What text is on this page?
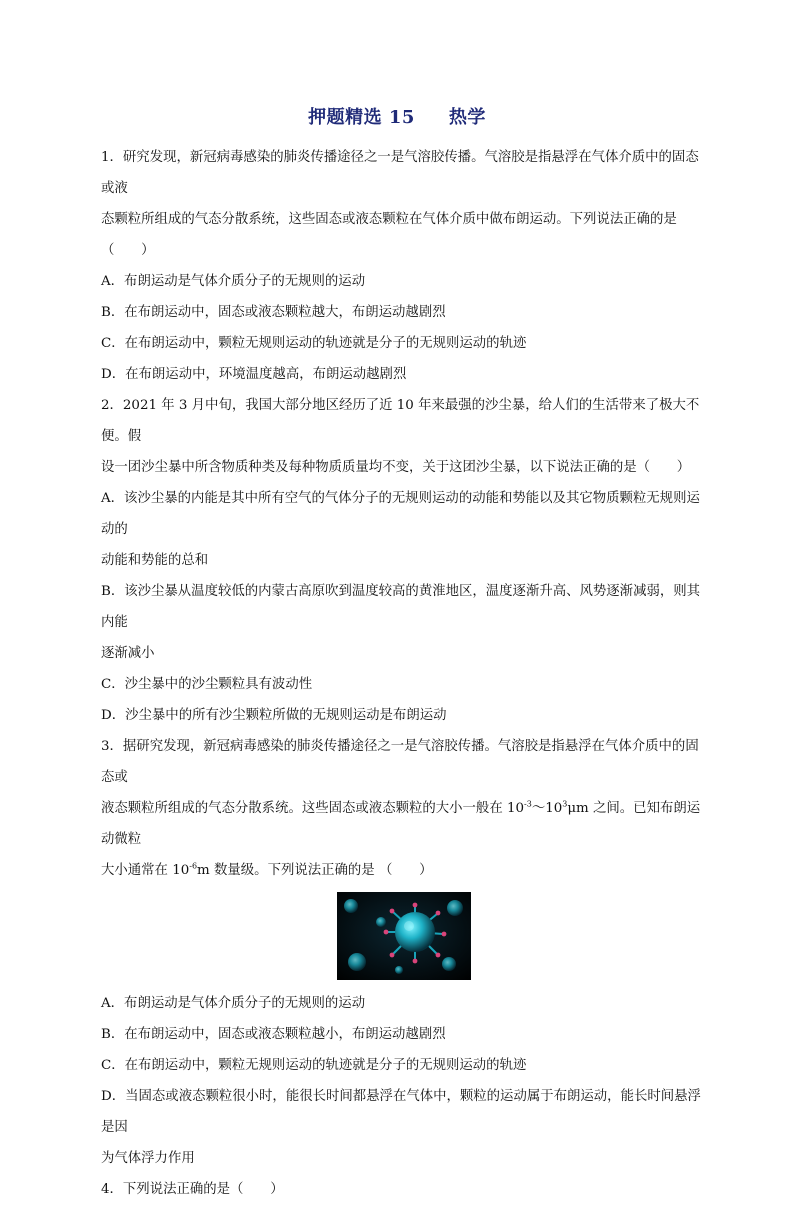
押题精选 15 热学

1．研究发现，新冠病毒感染的肺炎传播途径之一是气溶胶传播。气溶胶是指悬浮在气体介质中的固态或液

态颗粒所组成的气态分散系统，这些固态或液态颗粒在气体介质中做布朗运动。下列说法正确的是（　　）

A．布朗运动是气体介质分子的无规则的运动

B．在布朗运动中，固态或液态颗粒越大，布朗运动越剧烈

C．在布朗运动中，颗粒无规则运动的轨迹就是分子的无规则运动的轨迹

D．在布朗运动中，环境温度越高，布朗运动越剧烈

2．2021 年 3 月中旬，我国大部分地区经历了近 10 年来最强的沙尘暴，给人们的生活带来了极大不便。假

设一团沙尘暴中所含物质种类及每种物质质量均不变，关于这团沙尘暴，以下说法正确的是（　　）

A．该沙尘暴的内能是其中所有空气的气体分子的无规则运动的动能和势能以及其它物质颗粒无规则运动的

动能和势能的总和

B．该沙尘暴从温度较低的内蒙古高原吹到温度较高的黄淮地区，温度逐渐升高、风势逐渐减弱，则其内能

逐渐减小

C．沙尘暴中的沙尘颗粒具有波动性

D．沙尘暴中的所有沙尘颗粒所做的无规则运动是布朗运动

3．据研究发现，新冠病毒感染的肺炎传播途径之一是气溶胶传播。气溶胶是指悬浮在气体介质中的固态或

液态颗粒所组成的气态分散系统。这些固态或液态颗粒的大小一般在 $10^{-3}\sim 10^3\mu m$ 之间。已知布朗运动微粒

大小通常在 $10^{-6}m$ 数量级。下列说法正确的是 （　　）

A．布朗运动是气体介质分子的无规则的运动

B．在布朗运动中，固态或液态颗粒越小，布朗运动越剧烈

C．在布朗运动中，颗粒无规则运动的轨迹就是分子的无规则运动的轨迹

D．当固态或液态颗粒很小时，能很长时间都悬浮在气体中，颗粒的运动属于布朗运动，能长时间悬浮是因

为气体浮力作用

4．下列说法正确的是（　　）
